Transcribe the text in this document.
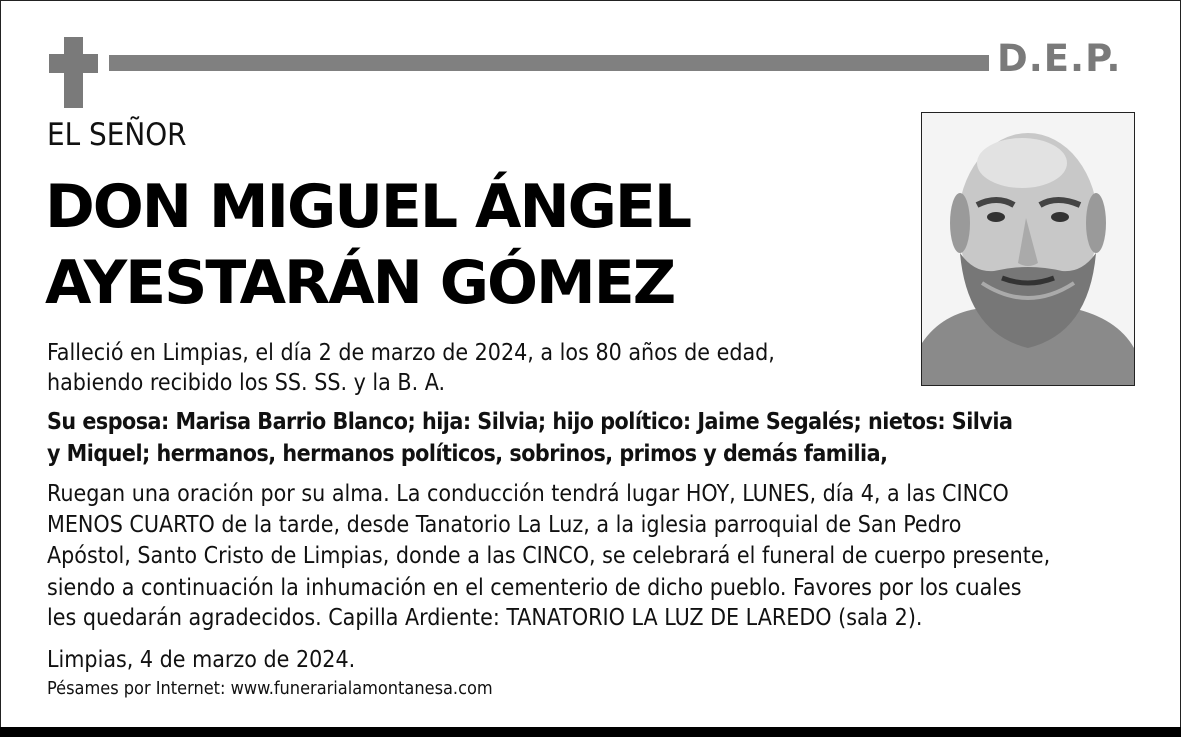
D.E.P.
EL SEÑOR
DON MIGUEL ÁNGEL
AYESTARÁN GÓMEZ
Falleció en Limpias, el día 2 de marzo de 2024, a los 80 años de edad,
habiendo recibido los SS. SS. y la B. A.
Su esposa: Marisa Barrio Blanco; hija: Silvia; hijo político: Jaime Segalés; nietos: Silvia
y Miquel; hermanos, hermanos políticos, sobrinos, primos y demás familia,
Ruegan una oración por su alma. La conducción tendrá lugar HOY, LUNES, día 4, a las CINCO
MENOS CUARTO de la tarde, desde Tanatorio La Luz, a la iglesia parroquial de San Pedro
Apóstol, Santo Cristo de Limpias, donde a las CINCO, se celebrará el funeral de cuerpo presente,
siendo a continuación la inhumación en el cementerio de dicho pueblo. Favores por los cuales
les quedarán agradecidos. Capilla Ardiente: TANATORIO LA LUZ DE LAREDO (sala 2).
Limpias, 4 de marzo de 2024.
Pésames por Internet: www.funerarialamontanesa.com
